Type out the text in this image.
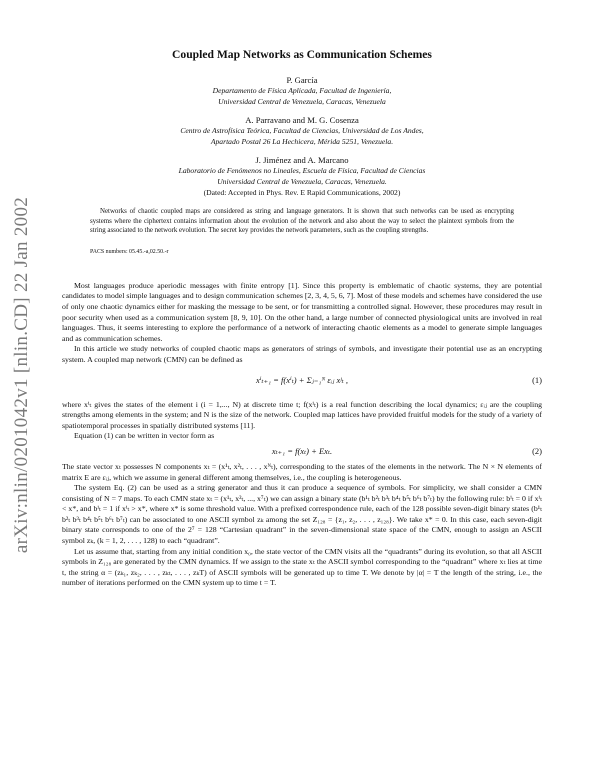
arXiv:nlin/0201042v1 [nlin.CD] 22 Jan 2002
Coupled Map Networks as Communication Schemes
P. García
Departamento de Física Aplicada, Facultad de Ingeniería,
Universidad Central de Venezuela, Caracas, Venezuela
A. Parravano and M. G. Cosenza
Centro de Astrofísica Teórica, Facultad de Ciencias, Universidad de Los Andes,
Apartado Postal 26 La Hechicera, Mérida 5251, Venezuela.
J. Jiménez and A. Marcano
Laboratorio de Fenómenos no Lineales, Escuela de Física, Facultad de Ciencias
Universidad Central de Venezuela, Caracas, Venezuela.
(Dated: Accepted in Phys. Rev. E Rapid Communications, 2002)

Networks of chaotic coupled maps are considered as string and language generators. It is shown that such networks can be used as encrypting systems where the ciphertext contains information about the evolution of the network and also about the way to select the plaintext symbols from the string associated to the network evolution. The secret key provides the network parameters, such as the coupling strengths.

PACS numbers: 05.45.-a,02.50.-r

Most languages produce aperiodic messages with finite entropy [1]. Since this property is emblematic of chaotic systems, they are potential candidates to model simple languages and to design communication schemes [2, 3, 4, 5, 6, 7]. Most of these models and schemes have considered the use of only one chaotic dynamics either for masking the message to be sent, or for transmitting a controlled signal. However, these procedures may result in poor security when used as a communication system [8, 9, 10]. On the other hand, a large number of connected physiological units are involved in real languages. Thus, it seems interesting to explore the performance of a network of interacting chaotic elements as a model to generate simple languages and as communication schemes.

In this article we study networks of coupled chaotic maps as generators of strings of symbols, and investigate their potential use as an encrypting system. A coupled map network (CMN) can be defined as

xⁱₜ₊₁ = f(xⁱₜ) + Σⱼ₌₁ᴺ εᵢⱼ xʲₜ ,	(1)

where xⁱₜ gives the states of the element i (i = 1,..., N) at discrete time t; f(xⁱₜ) is a real function describing the local dynamics; εᵢⱼ are the coupling strengths among elements in the system; and N is the size of the network. Coupled map lattices have provided fruitful models for the study of a variety of spatiotemporal processes in spatially distributed systems [11].

Equation (1) can be written in vector form as

xₜ₊₁ = f(xₜ) + Exₜ.	(2)

The state vector xₜ possesses N components xₜ = (x¹ₜ, x²ₜ, . . . , xᴺₜ), corresponding to the states of the elements in the network. The N × N elements of matrix E are εᵢⱼ, which we assume in general different among themselves, i.e., the coupling is heterogeneous.

The system Eq. (2) can be used as a string generator and thus it can produce a sequence of symbols. For simplicity, we shall consider a CMN consisting of N = 7 maps. To each CMN state xₜ = (x¹ₜ, x²ₜ, ..., x⁷ₜ) we can assign a binary state (b¹ₜ b²ₜ b³ₜ b⁴ₜ b⁵ₜ b⁶ₜ b⁷ₜ) by the following rule: bⁱₜ = 0 if xⁱₜ < x*, and bⁱₜ = 1 if xⁱₜ > x*, where x* is some threshold value. With a prefixed correspondence rule, each of the 128 possible seven-digit binary states (b¹ₜ b²ₜ b³ₜ b⁴ₜ b⁵ₜ b⁶ₜ b⁷ₜ) can be associated to one ASCII symbol zₖ among the set Z₁₂₈ = {z₁, z₂, . . . , z₁₂₈}. We take x* = 0. In this case, each seven-digit binary state corresponds to one of the 2⁷ = 128 “Cartesian quadrant” in the seven-dimensional state space of the CMN, enough to assign an ASCII symbol zₖ, (k = 1, 2, . . . , 128) to each “quadrant”.

Let us assume that, starting from any initial condition x₀, the state vector of the CMN visits all the “quadrants” during its evolution, so that all ASCII symbols in Z₁₂₈ are generated by the CMN dynamics. If we assign to the state xₜ the ASCII symbol corresponding to the “quadrant” where xₜ lies at time t, the string α = (zₖ₁, zₖ₂, . . . , zₖₜ, . . . , zₖT) of ASCII symbols will be generated up to time T. We denote by |α| = T the length of the string, i.e., the number of iterations performed on the CMN system up to time t = T.
